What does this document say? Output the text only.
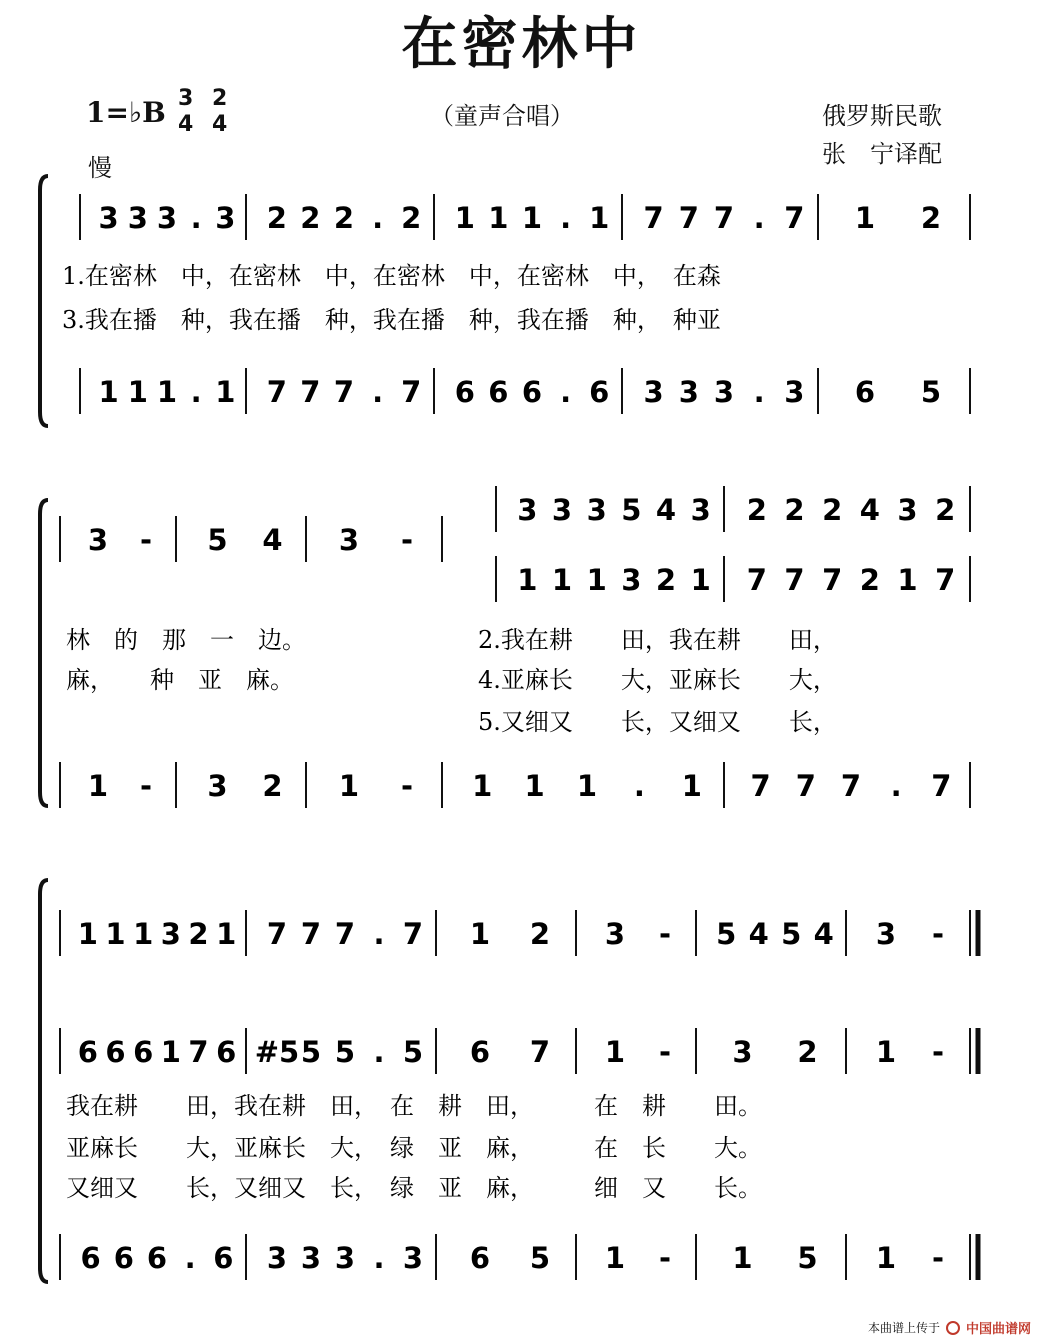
在密林中
1=♭B 3
4
2
4
慢
（童声合唱）	俄罗斯民歌
张　宁译配
3 3 3 . 3 2 2 2 . 2 1 1 1 . 1 7 7 7 . 7 1 2
1 1 1 . 1 7 7 7 . 7 6 6 6 . 6 3 3 3 . 3 6 5
1.在密林　中，在密林　中，在密林　中，在密林　中，　在森
3.我在播　种，我在播　种，我在播　种，我在播　种，　种亚
3 - 5 4 3 -
3 3 3 5 4 3 2 2 2 4 3 2
1 1 1 3 2 1 7 7 7 2 1 7
1 - 3 2 1 - 1 1 1 . 1 7 7 7 . 7
林　的　那　一　边。
麻，　　种　亚　麻。
2.我在耕　　田，我在耕　　田，
4.亚麻长　　大，亚麻长　　大，
5.又细又　　长，又细又　　长，
1 1 1 3 2 1 7 7 7 . 7 1 2 3 - 5 4 5 4 3 -
6 6 6 1 7 6 #5 5 5 . 5 6 7 1 - 3 2 1 -
6 6 6 . 6 3 3 3 . 3 6 5 1 - 1 5 1 -
我在耕　　田，我在耕　田，　在　耕　田，　　　在　耕　　田。
亚麻长　　大，亚麻长　大，　绿　亚　麻，　　　在　长　　大。
又细又　　长，又细又　长，　绿　亚　麻，　　　细　又　　长。
本曲谱上传于 中国曲谱网
